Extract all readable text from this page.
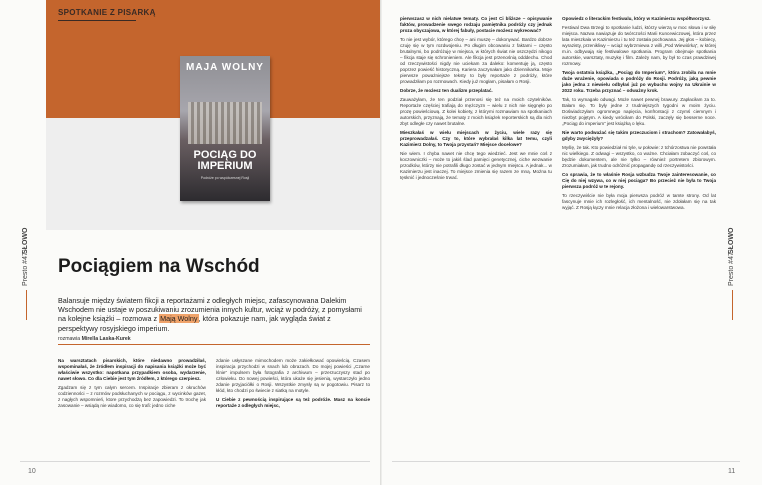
SPOTKANIE Z PISARKĄ
MAJA WOLNY
POCIĄG DO IMPERIUM
Podróże po współczesnej Rosji
Presto #47
SŁOWO
Presto #47
SŁOWO
Pociągiem na Wschód
Balansuje między światem fikcji a reportażami z odległych miejsc, zafascynowana Dalekim Wschodem nie ustaje w poszukiwaniu zrozumienia innych kultur, wciąż w podróży, z pomysłami na kolejne książki – rozmowa z Mają Wolny, która pokazuje nam, jak wygląda świat z perspektywy rosyjskiego imperium.
rozmawia Mirella Laska-Kurek

Na warsztatach pisarskich, które niedawno prowadziłaś, wspominałaś, że źródłem inspiracji do napisania książki może być właściwie wszystko: napotkana przypadkiem osoba, wydarzenie, nawet słowo. Co dla Ciebie jest tym źródłem, z którego czerpiesz.

Zgadzam się z tym całym sercem. Inspiracje zbieram z okruchów codzienności – z rozmów podsłuchanych w pociągu, z wycinków gazet, z nagłych wspomnień, ktore przychodzą bez zapowiedzi. To trochę jak zasowanie – wsiądą nie wiadomo, co się trafi: jedno ciche

zdanie usłyszane mimochodem może zakiełkować opowieścią. Czasem inspiracja przychodzi w snach lub obrazach. Do mojej powieści „Czarne lśnie” impulsem była fotografia z archiwum – przerzuczyszy stad po człowieku. Do nowej powieści, która ukaże się jesienią, wystarczyło jedno zdanie przyjaciółki o Rosji. Wszystkie zmysły są w pogotowiu. Pisarz to kłód, kto chodzi po świecie z siatką na motyle.

U Ciebie z pewnością inspirujące są też podróże. Masz na koncie reportaże z odległych miejsc,

pierwszasz w nich nielatwe tematy. Co jest Ci bliższe – opisywanie faktów, prowadzenie swego rodzaju pamiętnika podróży czy jednak proza obyczajowa, w której fabuły, postacie możesz wykreować?

To nie jest wybór, którego chcę – ani muszę – dokonywać. Bardzo dobrze czuję się w tym rozdwojeniu. Po długim obcowaniu z faktami – często brutalnymi, bo podróżuję w miejsca, w których świat nie oszczędzi nikogo – fikcja staje się schronieniem. Ale fikcja jest przenośnią odddechu. Chod od rzeczywistości nigdy nie uciekam za daleko: komentuję ją, często poprzez powieść historyczną. Kariera zaczynałam jako dziennikarka. Moje pierwsze poważniejsze teksty to były reportaże z podróży, które prowadziłam po rozmowach. Kiedy już mogłam, pisałam o Rosji.

Dobrze, że możesz ten dualizm przeplatać.

Zauważyłam, że ten podział przenosi się też na moich czytelników. Reportaże częściej trafiają do mężczyzn – wielu z nich nie sięgnęło po prozę powieściową. Z kolei kobiety, z którymi rozmawiam na spotkaniach autorskich, przyznają, że tematy z moich książek reporterskich są dla nich zbyt odległe czy nawet brutalne.

Mieszkałaś w wielu miejscach w życiu, wiele razy się przeprowadzałaś. Czy to, które wybrałaś kilka lat temu, czyli Kazimierz Dolny, to Twoja przystań? Miejsce docelowe?

Nie wiem. I chyba nawet nie chcę tego wiedzieć. Jest we mnie coś z koczowniczki – może to jakiś ślad pamięci genetycznej, ciche wezwanie przodków, którzy nie potrafili długo zostać w jednym miejscu. A jednak... w Kazimierzu jest inaczej. To miejsce zmienia się razem ze mną. Można tu tęsknić i jednocześnie trwać.

Opowiedz o literackim festiwalu, który w Kazimierzu współtworzysz.

Festiwal Dwa Brzegi to spotkanie ludzi, którzy wierzą w moc słowa i w siłę miejsca. Nazwa nawiązuje do twórczości Marii Kuncewiczowej, która przez lata mieszkała w Kazimierzu i tu też została pochowana. Jej głos – kobiecy, wyrazisty, przenikliwy – wciąż wybrzmiewa z willi „Pod Wiewiórką”, w której m.in. odbywają się festiwalowe spotkania. Program obejmuje spotkania autorskie, warsztaty, muzykę i film. Zależy nam, by był to czas prawdziwej rozmowy.

Twoja ostatnia książka, „Pociąg do Imperium”, która zrobiła na mnie duże wrażenie, opowiada o podróży do Rosji. Podróży, jaką pewnie jako jedna z niewielu odbyłaś już po wybuchu wojny na Ukrainie w 2022 roku. Trzeba przyznać – odważny krok.

Tak, to wymagało odwagi. Może nawet pewnej brawury. Zapłaciłam za to. Bałam się. To były jedne z trudniejszych tygodni w moim życiu. Doświadczyłam ogromnego napięcia, konfrontacji z czymś ciemnym i niezbyt pojętym. A kiedy wróciłam do Polski, zaczęły się besserne noce. „Pociąg do imperium” jest książką o lęku.

Nie warto podważać się takim przeczuciom i strachom? Zatowałabyś, gdyby zwyciężyły?

Myślę, że tak. Kto powiedział mi tyle, w połowie: z tchórzostwa nie powstała nic wielkiego. Z odwagi – wszystko, co ważne. Chciałam zobaczyć coś, co będzie dokumentem, ale nie tylko – również portretem zbiorowym. Zrozumiałam, jak trudno odróżnić propagandę od rzeczywistości.

Co sprawia, że to właśnie Rosja wzbudza Twoje zainteresowanie, co Cię do niej wzywa, co w niej pociąga? Bo przecież nie była to Twoja pierwsza podróż w te rejony.

To rzeczywiście nie była moja pierwsza podróż w tamte strony. Od lat fascynuje mnie ich rozległość, ich mentalność, nie zdołałam się na tak wyjąć. Z Rosją łączy mnie relacja złożona i wielowarstwowa.

10	11
